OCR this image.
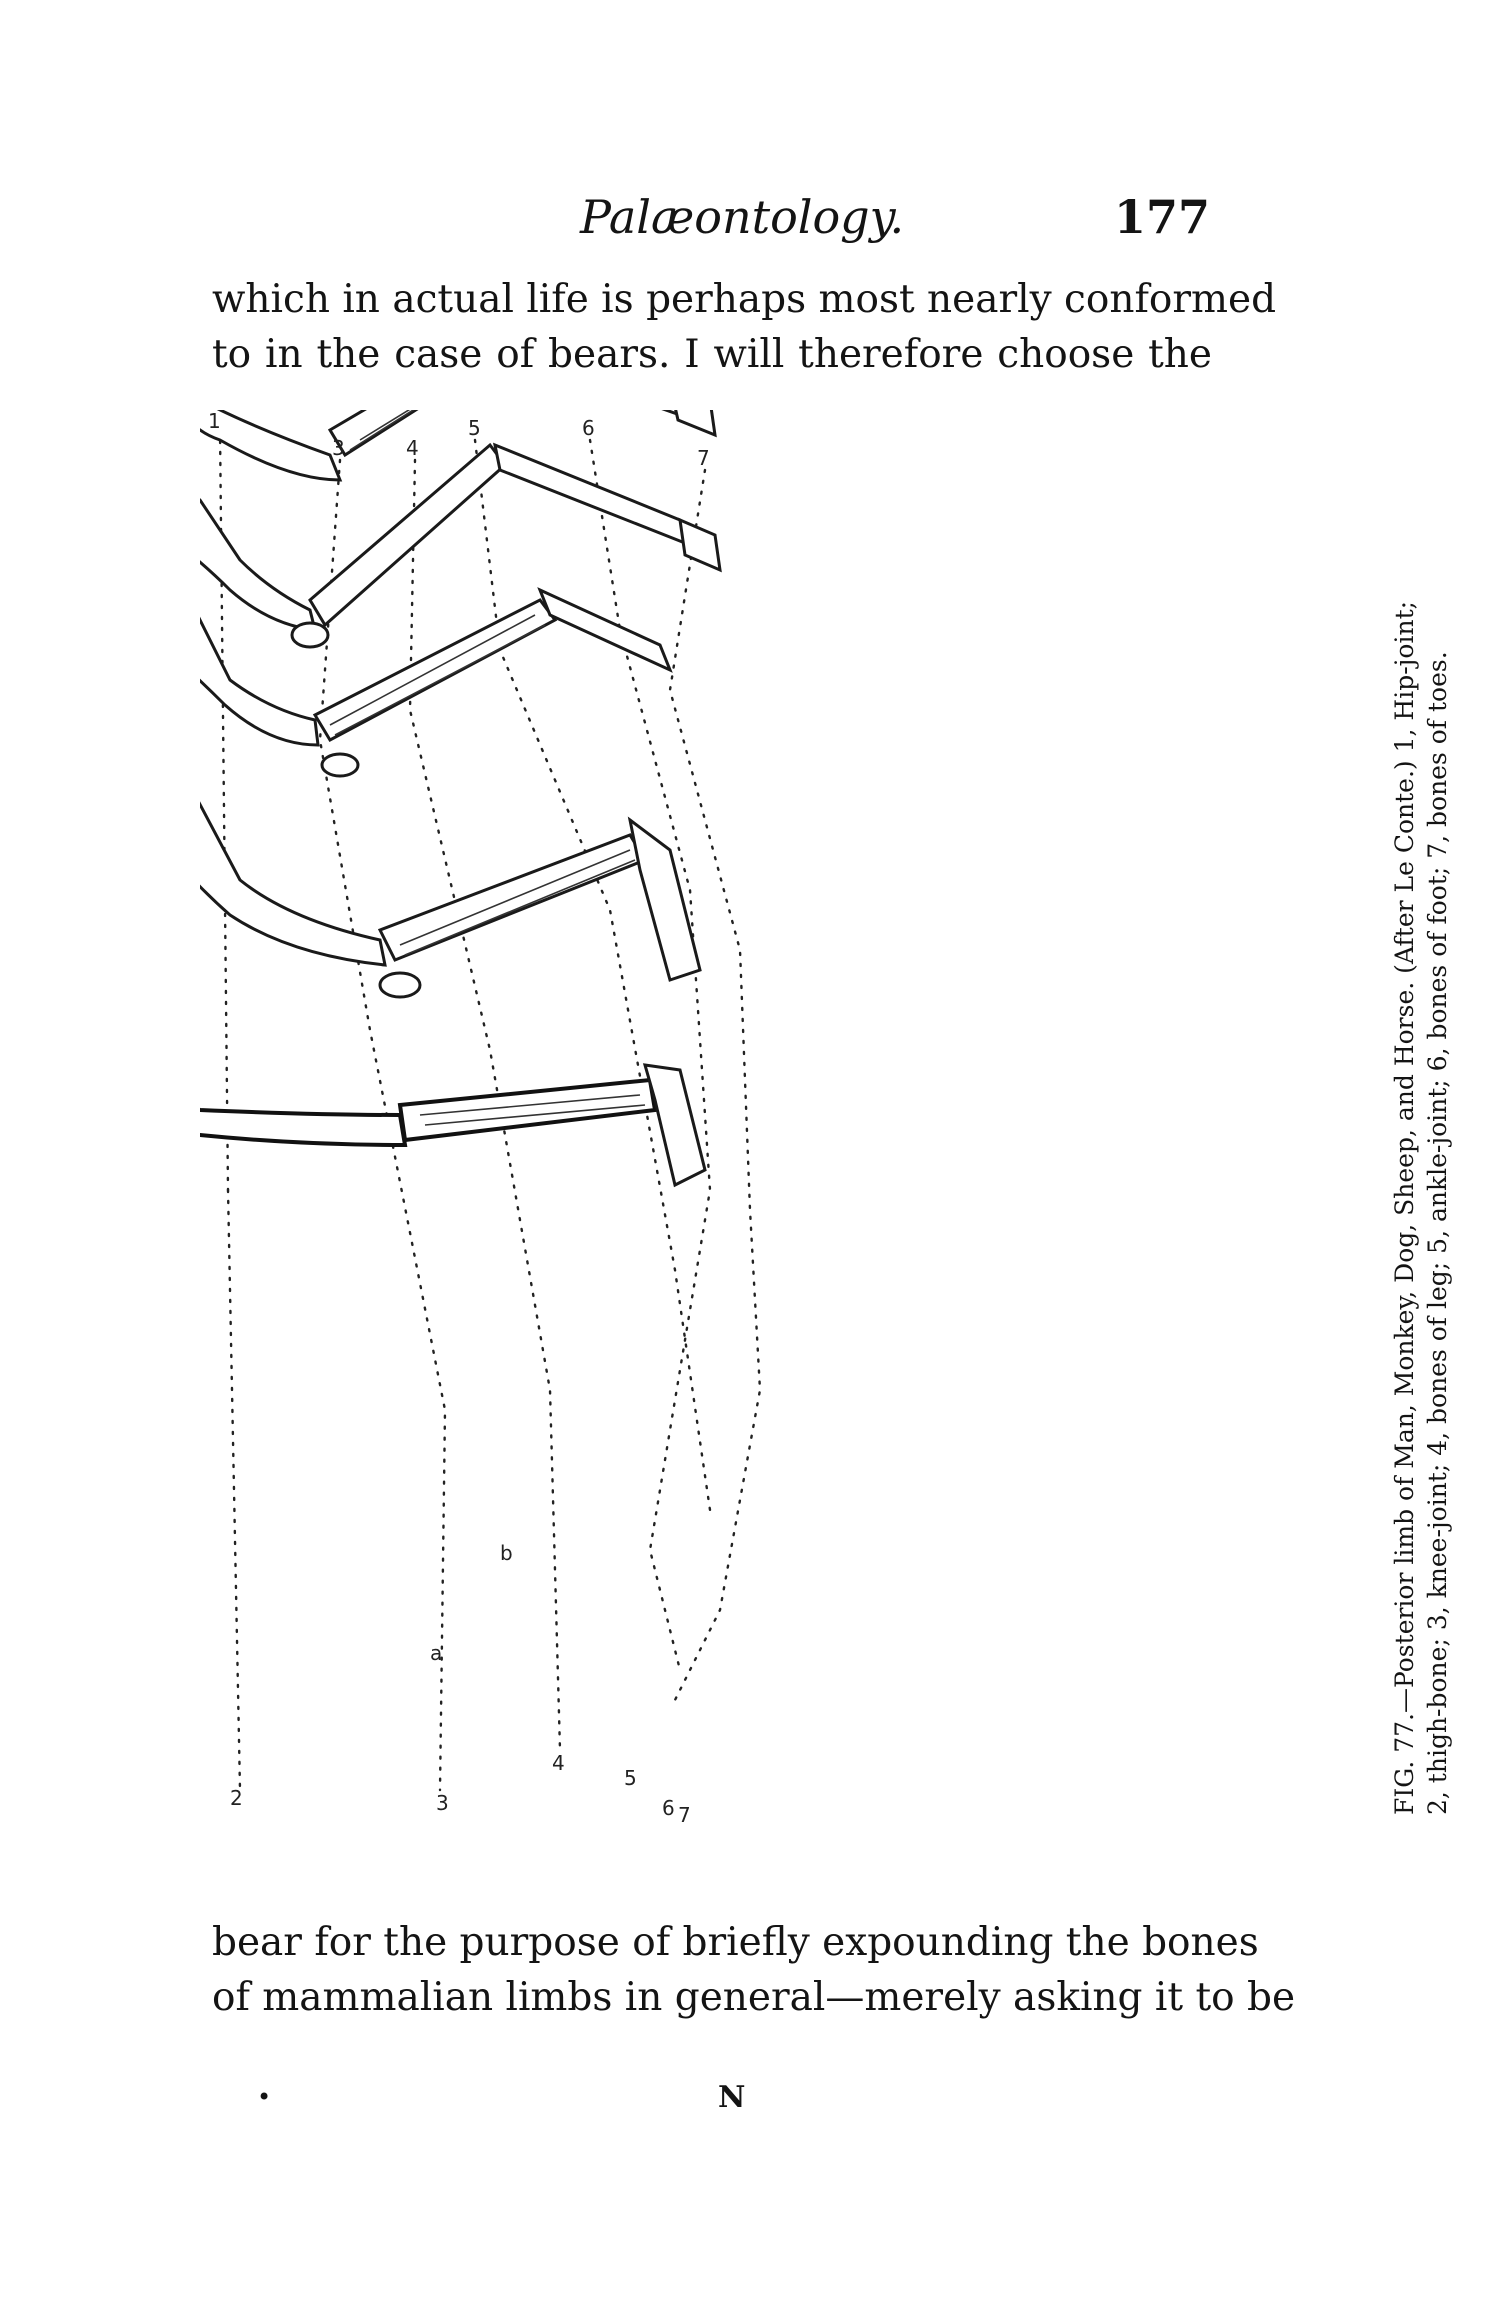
Palæontology.	177
which in actual life is perhaps most nearly conformed
to in the case of bears. I will therefore choose the
1
2
3
3
4
4
5
5
6
6
7
7
a
b	FIG. 77.—Posterior limb of Man, Monkey, Dog, Sheep, and Horse. (After Le Conte.) 1, Hip-joint; 2, thigh-bone; 3, knee-joint; 4, bones of leg; 5, ankle-joint; 6, bones of foot; 7, bones of toes.
bear for the purpose of briefly expounding the bones
of mammalian limbs in general—merely asking it to be
•	N
